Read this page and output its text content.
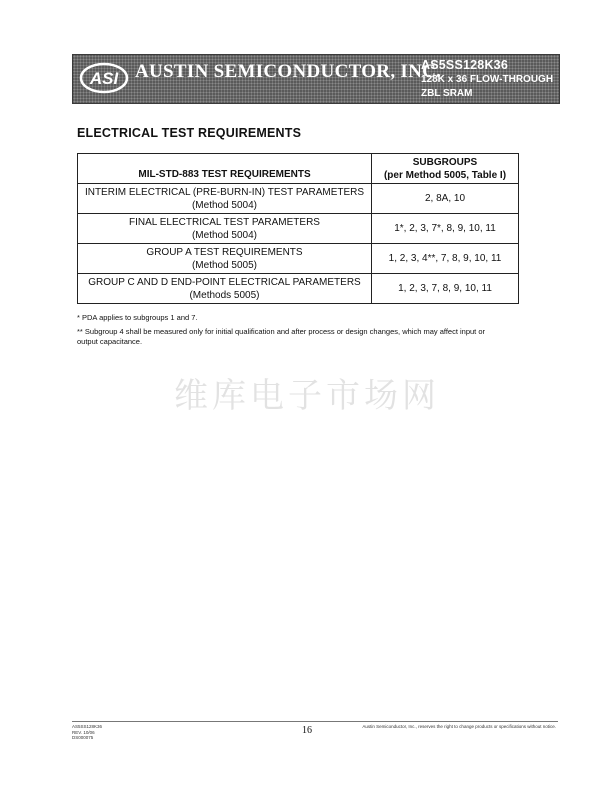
ASI AUSTIN SEMICONDUCTOR, INC.
AS5SS128K36
128K x 36 FLOW-THROUGH
ZBL SRAM
ELECTRICAL TEST REQUIREMENTS
MIL-STD-883 TEST REQUIREMENTS	SUBGROUPS
(per Method 5005, Table I)

INTERIM ELECTRICAL (PRE-BURN-IN) TEST PARAMETERS
(Method 5004)	2, 8A, 10

FINAL ELECTRICAL TEST PARAMETERS
(Method 5004)	1*, 2, 3, 7*, 8, 9, 10, 11

GROUP A TEST REQUIREMENTS
(Method 5005)	1, 2, 3, 4**, 7, 8, 9, 10, 11

GROUP C AND D END-POINT ELECTRICAL PARAMETERS
(Methods 5005)	1, 2, 3, 7, 8, 9, 10, 11
* PDA applies to subgroups 1 and 7.
** Subgroup 4 shall be measured only for initial qualification and after process or design changes, which may affect input or
output capacitance.
维库电子市场网
AS5SS128K36
REV. 10/06
DS000075
16	Austin Semiconductor, Inc., reserves the right to change products or specifications without notice.
